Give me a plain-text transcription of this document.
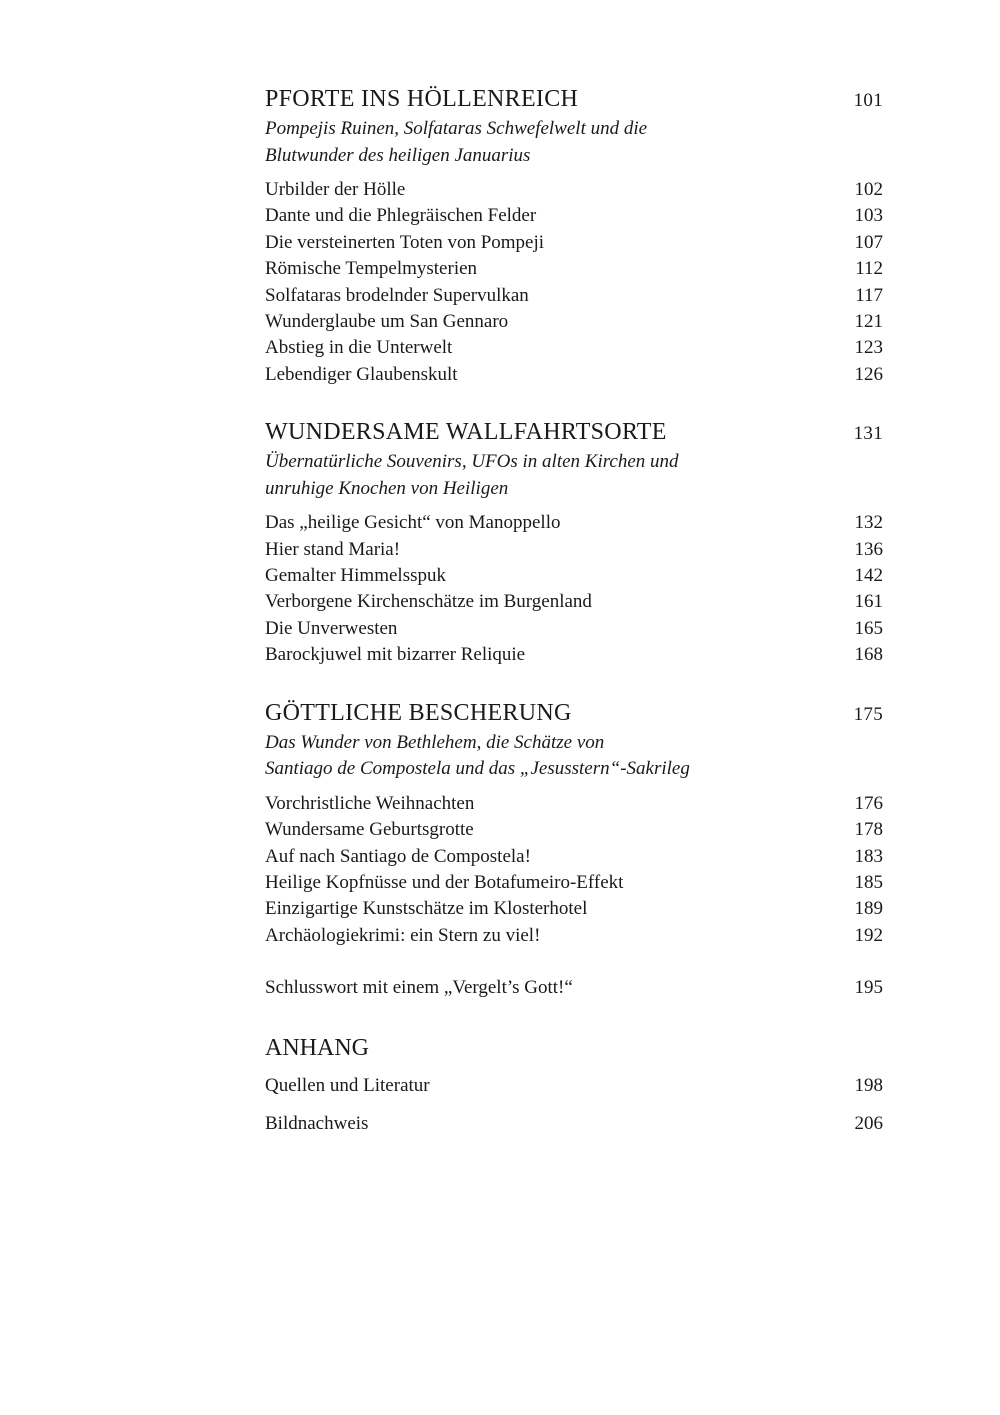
PFORTE INS HÖLLENREICH	101
Pompejis Ruinen, Solfataras Schwefelwelt und die
Blutwunder des heiligen Januarius
Urbilder der Hölle	102
Dante und die Phlegräischen Felder	103
Die versteinerten Toten von Pompeji	107
Römische Tempelmysterien	112
Solfataras brodelnder Supervulkan	117
Wunderglaube um San Gennaro	121
Abstieg in die Unterwelt	123
Lebendiger Glaubenskult	126
WUNDERSAME WALLFAHRTSORTE	131
Übernatürliche Souvenirs, UFOs in alten Kirchen und
unruhige Knochen von Heiligen
Das „heilige Gesicht“ von Manoppello	132
Hier stand Maria!	136
Gemalter Himmelsspuk	142
Verborgene Kirchenschätze im Burgenland	161
Die Unverwesten	165
Barockjuwel mit bizarrer Reliquie	168
GÖTTLICHE BESCHERUNG	175
Das Wunder von Bethlehem, die Schätze von
Santiago de Compostela und das „Jesusstern“-Sakrileg
Vorchristliche Weihnachten	176
Wundersame Geburtsgrotte	178
Auf nach Santiago de Compostela!	183
Heilige Kopfnüsse und der Botafumeiro-Effekt	185
Einzigartige Kunstschätze im Klosterhotel	189
Archäologiekrimi: ein Stern zu viel!	192
Schlusswort mit einem „Vergelt’s Gott!“	195
ANHANG
Quellen und Literatur	198
Bildnachweis	206
